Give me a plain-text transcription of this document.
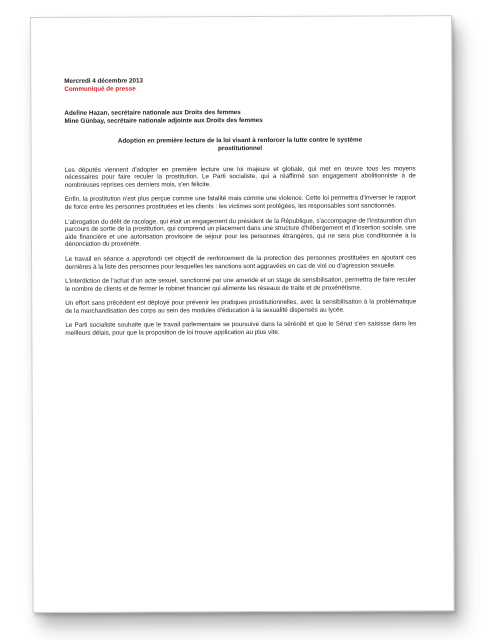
Mercredi 4 décembre 2013

Communiqué de presse

Adeline Hazan, secrétaire nationale aux Droits des femmes

Mine Günbay, secrétaire nationale adjointe aux Droits des femmes

Adoption en première lecture de la loi visant à renforcer la lutte contre le système prostitutionnel

Les députés viennent d'adopter en première lecture une loi majeure et globale, qui met en œuvre tous les moyens nécessaires pour faire reculer la prostitution. Le Parti socialiste, qui a réaffirmé son engagement abolitionniste à de nombreuses reprises ces derniers mois, s'en félicite.

Enfin, la prostitution n'est plus perçue comme une fatalité mais comme une violence. Cette loi permettra d'inverser le rapport de force entre les personnes prostituées et les clients : les victimes sont protégées, les responsables sont sanctionnés.

L'abrogation du délit de racolage, qui était un engagement du président de la République, s'accompagne de l'instauration d'un parcours de sortie de la prostitution, qui comprend un placement dans une structure d'hébergement et d'insertion sociale, une aide financière et une autorisation provisoire de séjour pour les personnes étrangères, qui ne sera plus conditionnée à la dénonciation du proxénète.

Le travail en séance a approfondi cet objectif de renforcement de la protection des personnes prostituées en ajoutant ces dernières à la liste des personnes pour lesquelles les sanctions sont aggravées en cas de viol ou d'agression sexuelle.

L'interdiction de l'achat d'un acte sexuel, sanctionné par une amende et un stage de sensibilisation, permettra de faire reculer le nombre de clients et de fermer le robinet financier qui alimente les réseaux de traite et de proxénétisme.

Un effort sans précédent est déployé pour prévenir les pratiques prostitutionnelles, avec la sensibilisation à la problématique de la marchandisation des corps au sein des modules d'éducation à la sexualité dispensés au lycée.

Le Parti socialiste souhaite que le travail parlementaire se poursuive dans la sérénité et que le Sénat s'en saisisse dans les meilleurs délais, pour que la proposition de loi trouve application au plus vite.
